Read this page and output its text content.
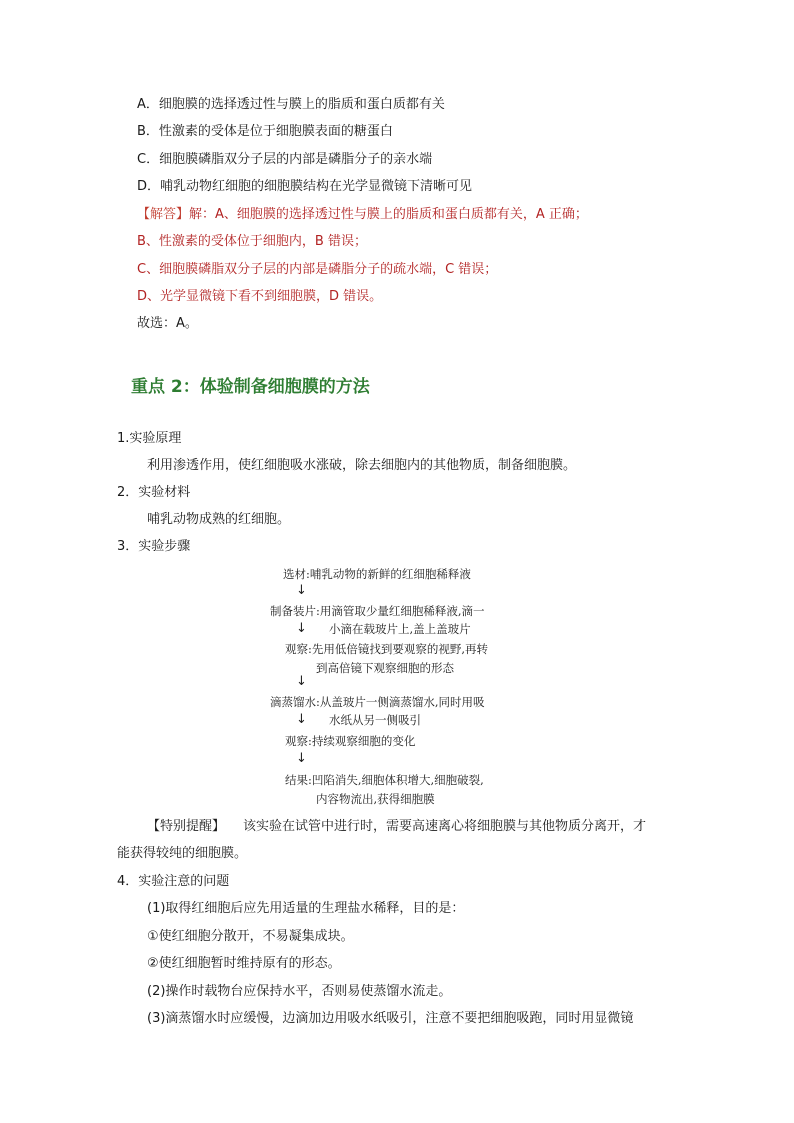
A．细胞膜的选择透过性与膜上的脂质和蛋白质都有关
B．性激素的受体是位于细胞膜表面的糖蛋白
C．细胞膜磷脂双分子层的内部是磷脂分子的亲水端
D．哺乳动物红细胞的细胞膜结构在光学显微镜下清晰可见
【解答】解：A、细胞膜的选择透过性与膜上的脂质和蛋白质都有关，A 正确；
B、性激素的受体位于细胞内，B 错误；
C、细胞膜磷脂双分子层的内部是磷脂分子的疏水端，C 错误；
D、光学显微镜下看不到细胞膜，D 错误。
故选：A。
重点 2：体验制备细胞膜的方法
1.实验原理
利用渗透作用，使红细胞吸水涨破，除去细胞内的其他物质，制备细胞膜。
2．实验材料
哺乳动物成熟的红细胞。
3．实验步骤
选材:哺乳动物的新鲜的红细胞稀释液
↓
制备装片:用滴管取少量红细胞稀释液,滴一
↓ 小滴在载玻片上,盖上盖玻片
观察:先用低倍镜找到要观察的视野,再转
到高倍镜下观察细胞的形态
↓
滴蒸馏水:从盖玻片一侧滴蒸馏水,同时用吸
↓ 水纸从另一侧吸引
观察:持续观察细胞的变化
↓
结果:凹陷消失,细胞体积增大,细胞破裂,
内容物流出,获得细胞膜
【特别提醒】 该实验在试管中进行时，需要高速离心将细胞膜与其他物质分离开，才
能获得较纯的细胞膜。
4．实验注意的问题
(1)取得红细胞后应先用适量的生理盐水稀释，目的是：
①使红细胞分散开，不易凝集成块。
②使红细胞暂时维持原有的形态。
(2)操作时载物台应保持水平，否则易使蒸馏水流走。
(3)滴蒸馏水时应缓慢，边滴加边用吸水纸吸引，注意不要把细胞吸跑，同时用显微镜
